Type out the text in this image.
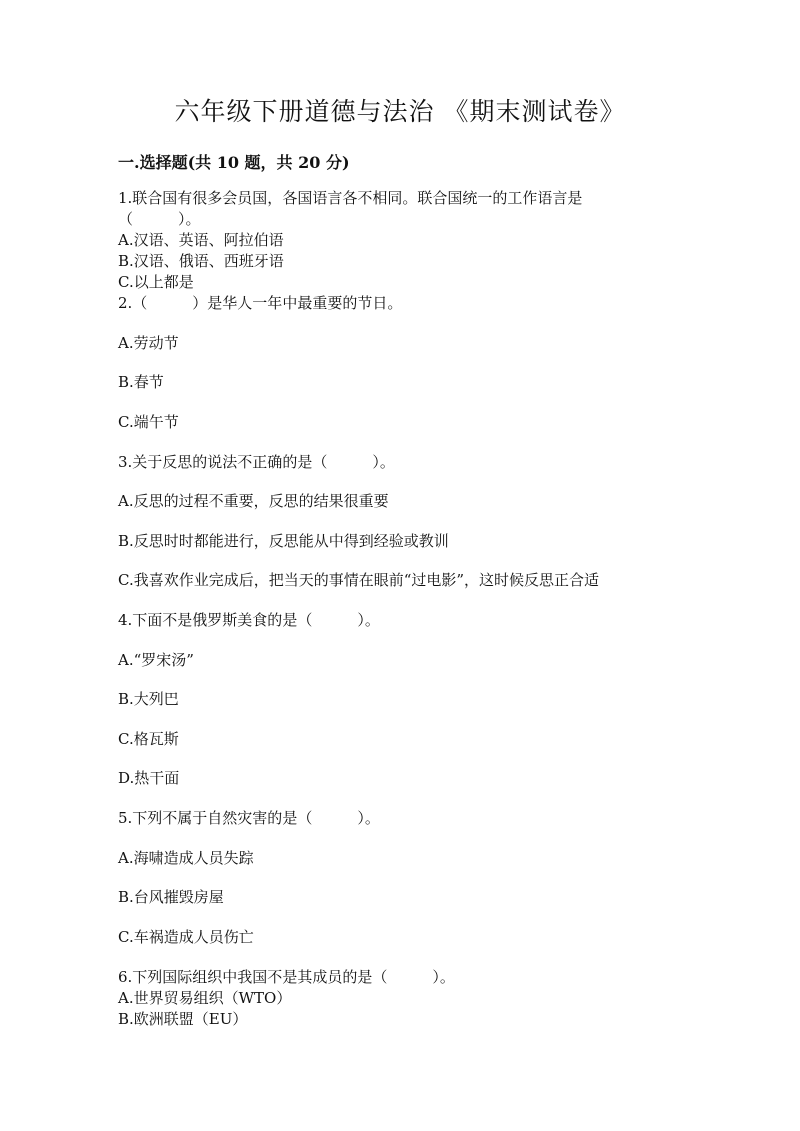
六年级下册道德与法治 《期末测试卷》
一.选择题(共 10 题，共 20 分)
1.联合国有很多会员国，各国语言各不相同。联合国统一的工作语言是
（　　　）。
A.汉语、英语、阿拉伯语
B.汉语、俄语、西班牙语
C.以上都是
2.（　　　）是华人一年中最重要的节日。
A.劳动节
B.春节
C.端午节
3.关于反思的说法不正确的是（　　　）。
A.反思的过程不重要，反思的结果很重要
B.反思时时都能进行，反思能从中得到经验或教训
C.我喜欢作业完成后，把当天的事情在眼前“过电影”，这时候反思正合适
4.下面不是俄罗斯美食的是（　　　）。
A.“罗宋汤”
B.大列巴
C.格瓦斯
D.热干面
5.下列不属于自然灾害的是（　　　）。
A.海啸造成人员失踪
B.台风摧毁房屋
C.车祸造成人员伤亡
6.下列国际组织中我国不是其成员的是（　　　）。
A.世界贸易组织（WTO）
B.欧洲联盟（EU）
